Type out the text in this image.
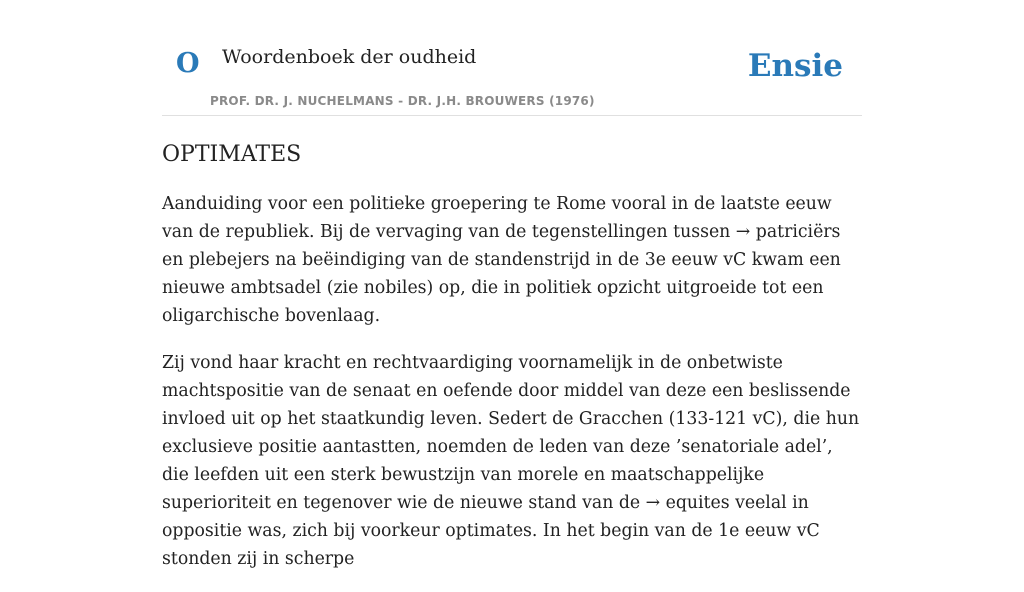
O Woordenboek der oudheid	Ensie
PROF. DR. J. NUCHELMANS - DR. J.H. BROUWERS (1976)
OPTIMATES

Aanduiding voor een politieke groepering te Rome vooral in de laatste eeuw van de republiek. Bij de vervaging van de tegenstellingen tussen → patriciërs en plebejers na beëindiging van de standenstrijd in de 3e eeuw vC kwam een nieuwe ambtsadel (zie nobiles) op, die in politiek opzicht uitgroeide tot een oligarchische bovenlaag.

Zij vond haar kracht en rechtvaardiging voornamelijk in de onbetwiste machtspositie van de senaat en oefende door middel van deze een beslissende invloed uit op het staatkundig leven. Sedert de Gracchen (133-121 vC), die hun exclusieve positie aantastten, noemden de leden van deze ’senatoriale adel’, die leefden uit een sterk bewustzijn van morele en maatschappelijke superioriteit en tegenover wie de nieuwe stand van de → equites veelal in oppositie was, zich bij voorkeur optimates. In het begin van de 1e eeuw vC stonden zij in scherpe
